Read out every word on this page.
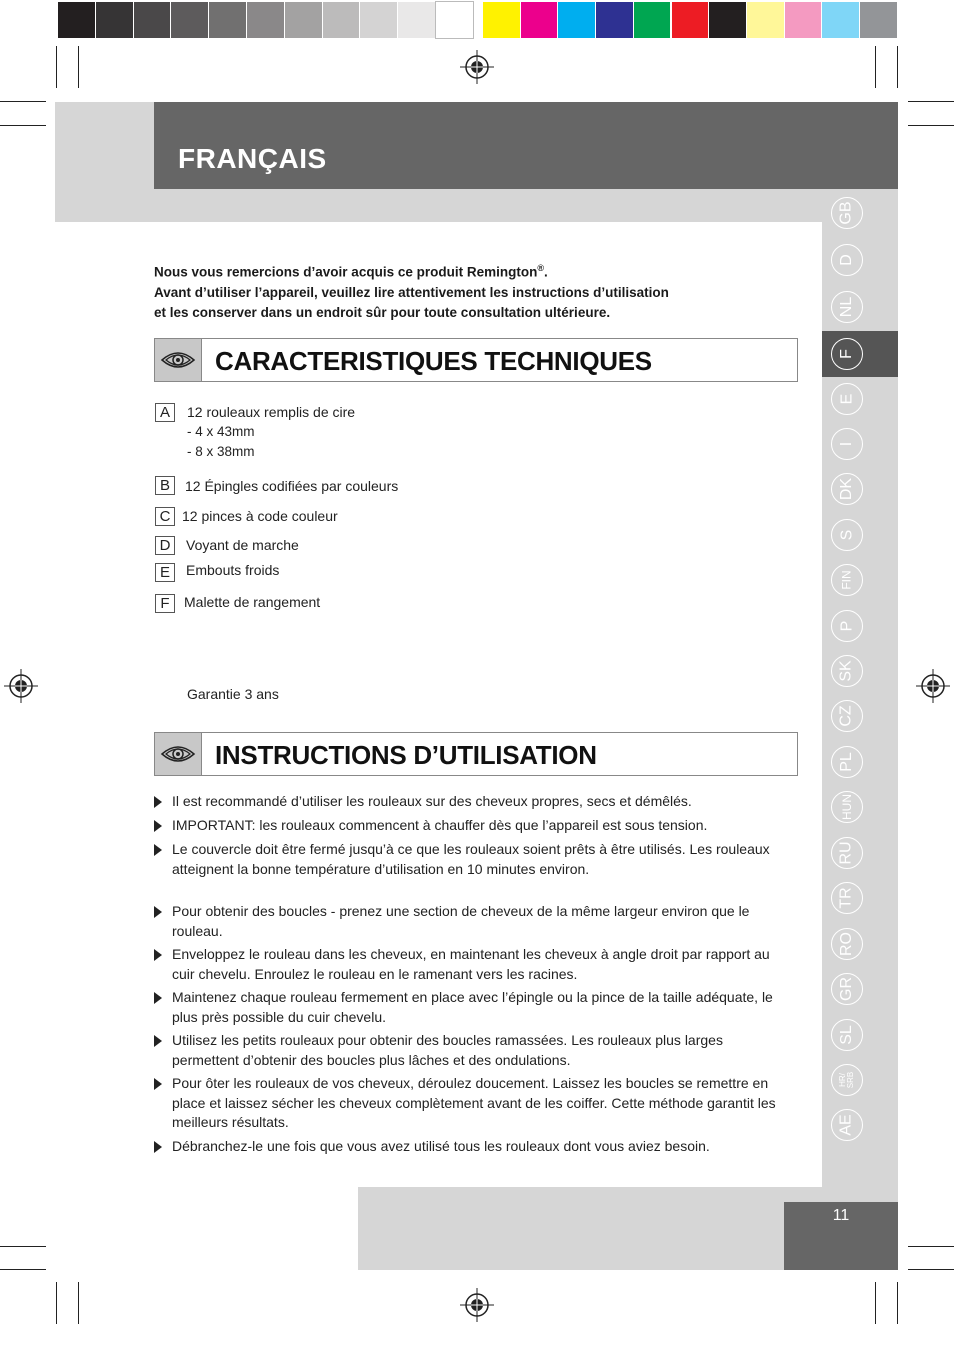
FRANÇAIS
GB
D
NL
F
E
I
DK
S
FIN
P
SK
CZ
PL
HUN
RU
TR
RO
GR
SL
HR/ SRB
AE
Nous vous remercions d’avoir acquis ce produit Remington®.
Avant d’utiliser l’appareil, veuillez lire attentivement les instructions d’utilisation
et les conserver dans un endroit sûr pour toute consultation ultérieure.
CARACTERISTIQUES TECHNIQUES
A	12 rouleaux remplis de cire
- 4 x 43mm
- 8 x 38mm
B	12 Épingles codifiées par couleurs
C 12 pinces à code couleur
D	Voyant de marche
E	Embouts froids
F	Malette de rangement
Garantie 3 ans
INSTRUCTIONS D’UTILISATION
Il est recommandé d’utiliser les rouleaux sur des cheveux propres, secs et démêlés.
IMPORTANT: les rouleaux commencent à chauffer dès que l’appareil est sous tension.
Le couvercle doit être fermé jusqu’à ce que les rouleaux soient prêts à être utilisés. Les rouleaux atteignent la bonne température d’utilisation en 10 minutes environ.
Pour obtenir des boucles - prenez une section de cheveux de la même largeur environ que le rouleau.
Enveloppez le rouleau dans les cheveux, en maintenant les cheveux à angle droit par rapport au cuir chevelu. Enroulez le rouleau en le ramenant vers les racines.
Maintenez chaque rouleau fermement en place avec l’épingle ou la pince de la taille adéquate, le plus près possible du cuir chevelu.
Utilisez les petits rouleaux pour obtenir des boucles ramassées. Les rouleaux plus larges permettent d’obtenir des boucles plus lâches et des ondulations.
Pour ôter les rouleaux de vos cheveux, déroulez doucement. Laissez les boucles se remettre en place et laissez sécher les cheveux complètement avant de les coiffer. Cette méthode garantit les meilleurs résultats.
Débranchez-le une fois que vous avez utilisé tous les rouleaux dont vous aviez besoin.
11
